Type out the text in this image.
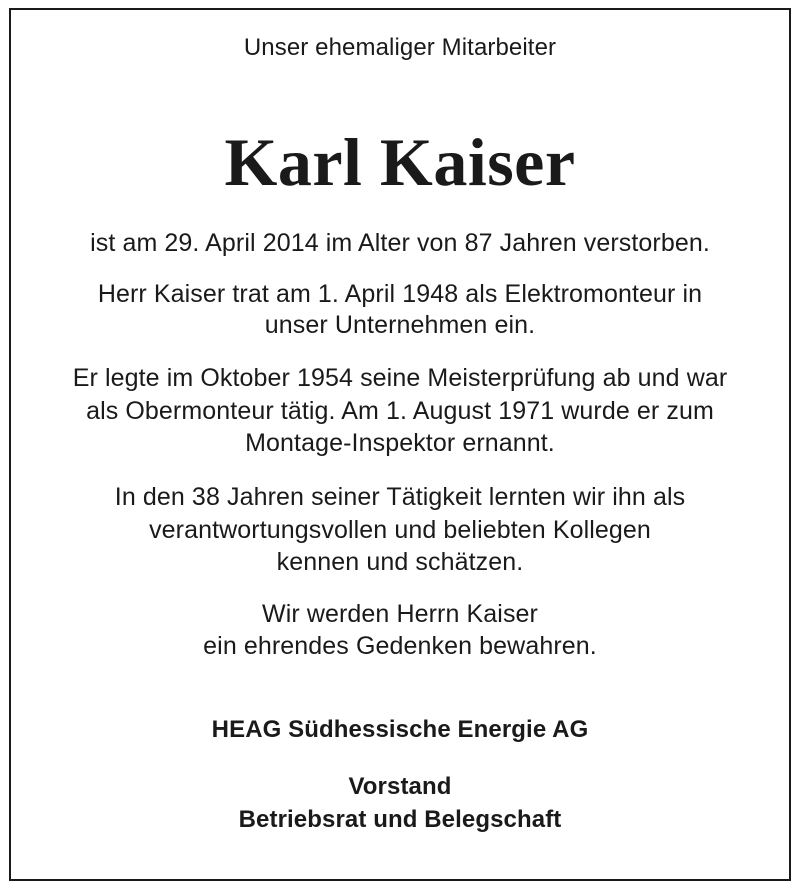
Unser ehemaliger Mitarbeiter
Karl Kaiser
ist am 29. April 2014 im Alter von 87 Jahren verstorben.
Herr Kaiser trat am 1. April 1948 als Elektromonteur in
unser Unternehmen ein.
Er legte im Oktober 1954 seine Meisterprüfung ab und war
als Obermonteur tätig. Am 1. August 1971 wurde er zum
Montage-Inspektor ernannt.
In den 38 Jahren seiner Tätigkeit lernten wir ihn als
verantwortungsvollen und beliebten Kollegen
kennen und schätzen.
Wir werden Herrn Kaiser
ein ehrendes Gedenken bewahren.
HEAG Südhessische Energie AG
Vorstand
Betriebsrat und Belegschaft
